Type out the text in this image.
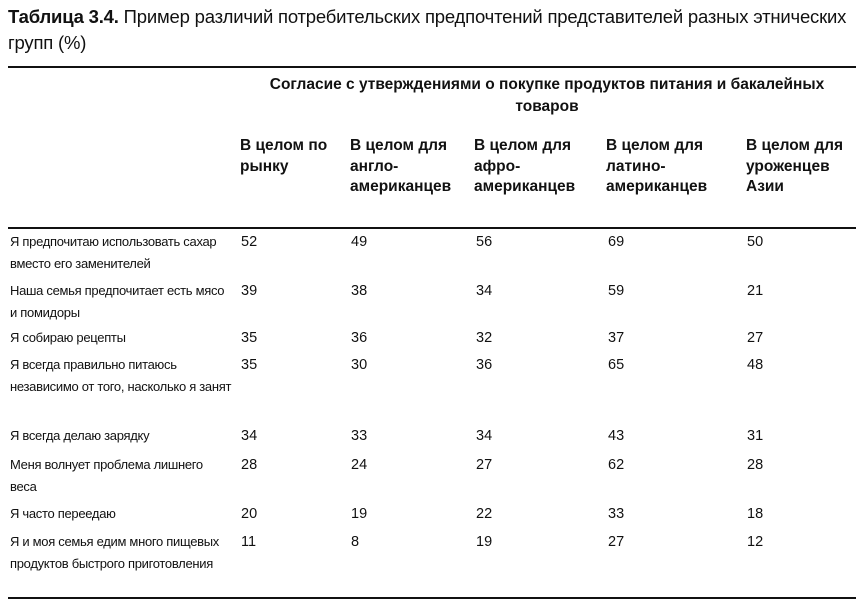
Таблица 3.4. Пример различий потребительских предпочтений представителей разных этнических групп (%)
Согласие с утверждениями о покупке продуктов питания и бакалейных товаров
В целом по рынку
В целом для англо-американцев
В целом для афро-американцев
В целом для латино-американцев
В целом для уроженцев Азии
Я предпочитаю использовать сахар вместо его заменителей
52	49	56	69	50
Наша семья предпочитает есть мясо и помидоры
39	38	34	59	21
Я собираю рецепты	35	36	32	37	27
Я всегда правильно питаюсь независимо от того, насколько я занят
35	30	36	65	48
Я всегда делаю зарядку	34	33	34	43	31
Меня волнует проблема лишнего веса
28	24	27	62	28
Я часто переедаю	20	19	22	33	18
Я и моя семья едим много пищевых продуктов быстрого приготовления
11	8	19	27	12
